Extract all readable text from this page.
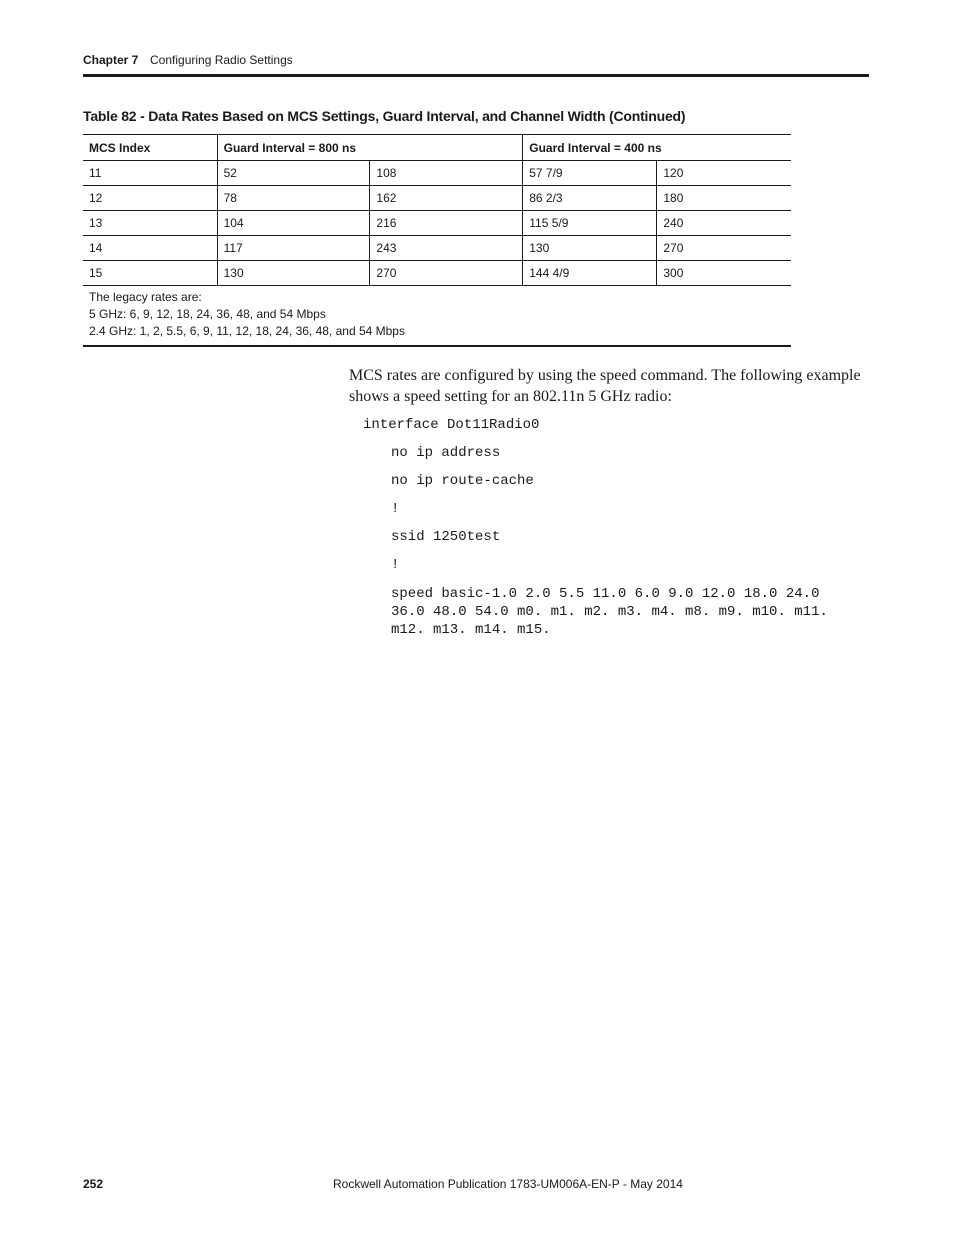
Chapter 7 Configuring Radio Settings
Table 82 - Data Rates Based on MCS Settings, Guard Interval, and Channel Width (Continued)
MCS Index	Guard Interval = 800 ns		Guard Interval = 400 ns	
11	52	108	57 7/9	120
12	78	162	86 2/3	180
13	104	216	115 5/9	240
14	117	243	130	270
15	130	270	144 4/9	300
The legacy rates are:
5 GHz: 6, 9, 12, 18, 24, 36, 48, and 54 Mbps
2.4 GHz: 1, 2, 5.5, 6, 9, 11, 12, 18, 24, 36, 48, and 54 Mbps

MCS rates are configured by using the speed command. The following example shows a speed setting for an 802.11n 5 GHz radio:

interface Dot11Radio0
no ip address
no ip route-cache
!
ssid 1250test
!
speed basic-1.0 2.0 5.5 11.0 6.0 9.0 12.0 18.0 24.0
36.0 48.0 54.0 m0. m1. m2. m3. m4. m8. m9. m10. m11.
m12. m13. m14. m15.
252	Rockwell Automation Publication 1783-UM006A-EN-P - May 2014
